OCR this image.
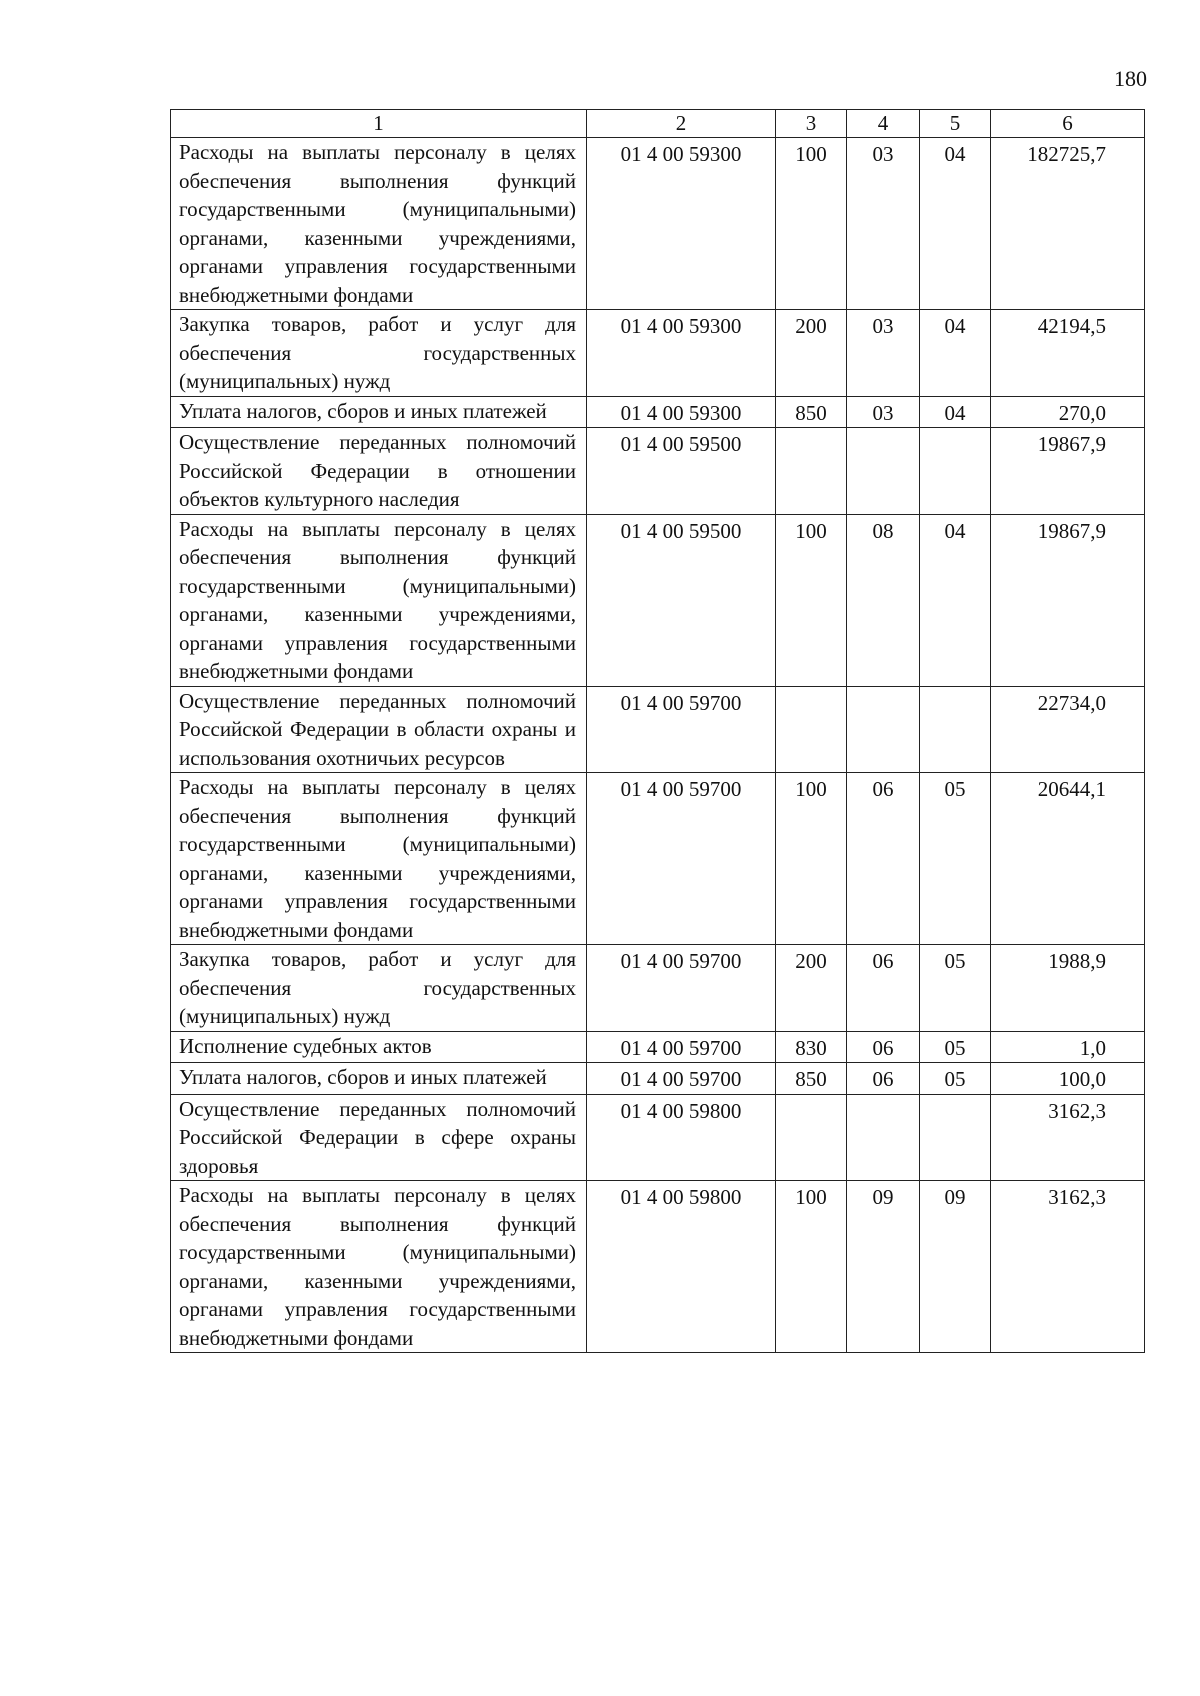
180
1	2	3	4	5	6
Расходы на выплаты персоналу в целях обеспечения выполнения функций государственными (муниципальными) органами, казенными учреждениями, органами управления государственными внебюджетными фондами	01 4 00 59300	100	03	04	182725,7
Закупка товаров, работ и услуг для обеспечения государственных (муниципальных) нужд	01 4 00 59300	200	03	04	42194,5
Уплата налогов, сборов и иных платежей	01 4 00 59300	850	03	04	270,0
Осуществление переданных полномочий Российской Федерации в отношении объектов культурного наследия	01 4 00 59500				19867,9
Расходы на выплаты персоналу в целях обеспечения выполнения функций государственными (муниципальными) органами, казенными учреждениями, органами управления государственными внебюджетными фондами	01 4 00 59500	100	08	04	19867,9
Осуществление переданных полномочий Российской Федерации в области охраны и использования охотничьих ресурсов	01 4 00 59700				22734,0
Расходы на выплаты персоналу в целях обеспечения выполнения функций государственными (муниципальными) органами, казенными учреждениями, органами управления государственными внебюджетными фондами	01 4 00 59700	100	06	05	20644,1
Закупка товаров, работ и услуг для обеспечения государственных (муниципальных) нужд	01 4 00 59700	200	06	05	1988,9
Исполнение судебных актов	01 4 00 59700	830	06	05	1,0
Уплата налогов, сборов и иных платежей	01 4 00 59700	850	06	05	100,0
Осуществление переданных полномочий Российской Федерации в сфере охраны здоровья	01 4 00 59800				3162,3
Расходы на выплаты персоналу в целях обеспечения выполнения функций государственными (муниципальными) органами, казенными учреждениями, органами управления государственными внебюджетными фондами	01 4 00 59800	100	09	09	3162,3
